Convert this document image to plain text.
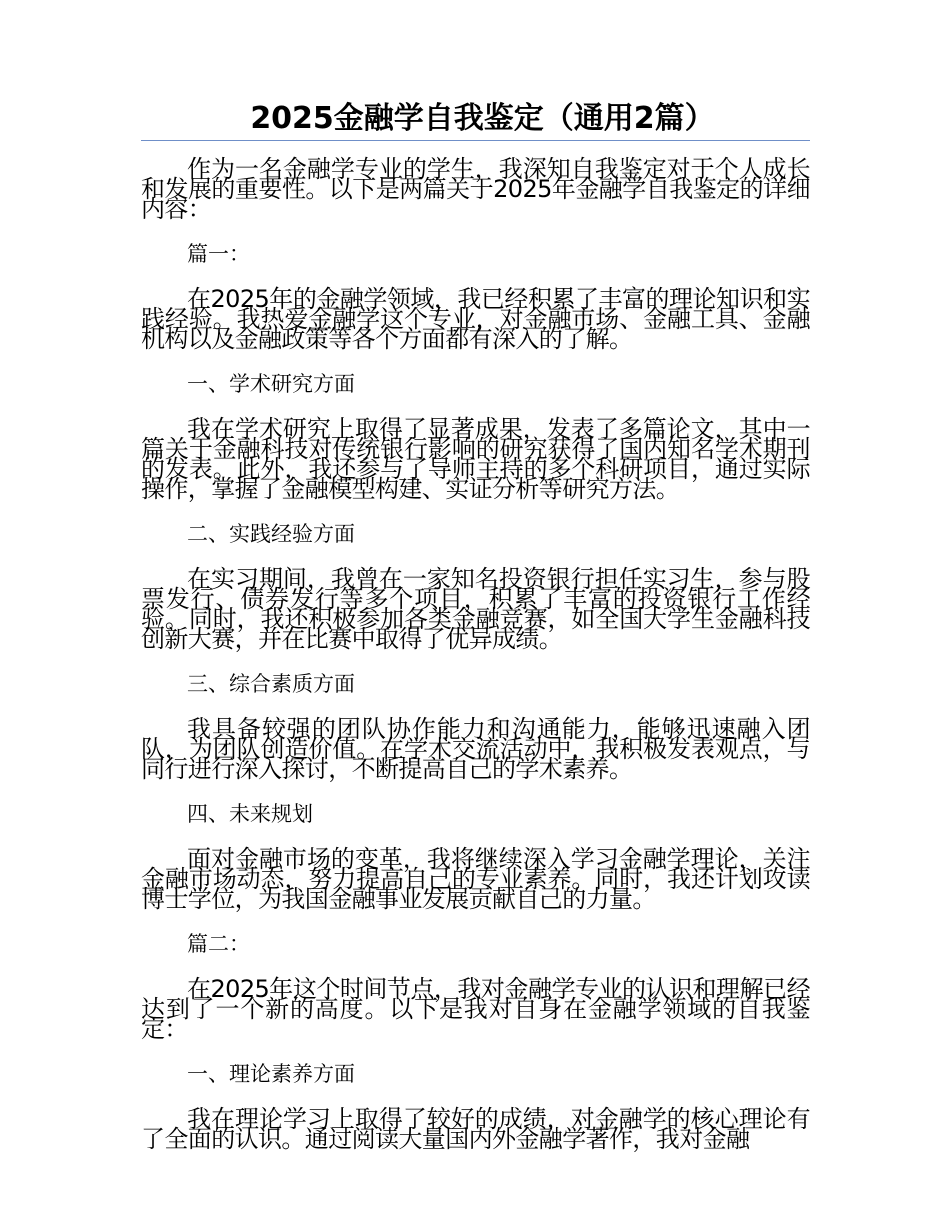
2025金融学自我鉴定（通用2篇）
作为一名金融学专业的学生，我深知自我鉴定对于个人成长和发展的重要性。以下是两篇关于2025年金融学自我鉴定的详细内容：
篇一：
在2025年的金融学领域，我已经积累了丰富的理论知识和实践经验。我热爱金融学这个专业，对金融市场、金融工具、金融机构以及金融政策等各个方面都有深入的了解。
一、学术研究方面
我在学术研究上取得了显著成果，发表了多篇论文，其中一篇关于金融科技对传统银行影响的研究获得了国内知名学术期刊的发表。此外，我还参与了导师主持的多个科研项目，通过实际操作，掌握了金融模型构建、实证分析等研究方法。
二、实践经验方面
在实习期间，我曾在一家知名投资银行担任实习生，参与股票发行、债券发行等多个项目，积累了丰富的投资银行工作经验。同时，我还积极参加各类金融竞赛，如全国大学生金融科技创新大赛，并在比赛中取得了优异成绩。
三、综合素质方面
我具备较强的团队协作能力和沟通能力，能够迅速融入团队，为团队创造价值。在学术交流活动中，我积极发表观点，与同行进行深入探讨，不断提高自己的学术素养。
四、未来规划
面对金融市场的变革，我将继续深入学习金融学理论，关注金融市场动态，努力提高自己的专业素养。同时，我还计划攻读博士学位，为我国金融事业发展贡献自己的力量。
篇二：
在2025年这个时间节点，我对金融学专业的认识和理解已经达到了一个新的高度。以下是我对自身在金融学领域的自我鉴定：
一、理论素养方面
我在理论学习上取得了较好的成绩，对金融学的核心理论有了全面的认识。通过阅读大量国内外金融学著作，我对金融
